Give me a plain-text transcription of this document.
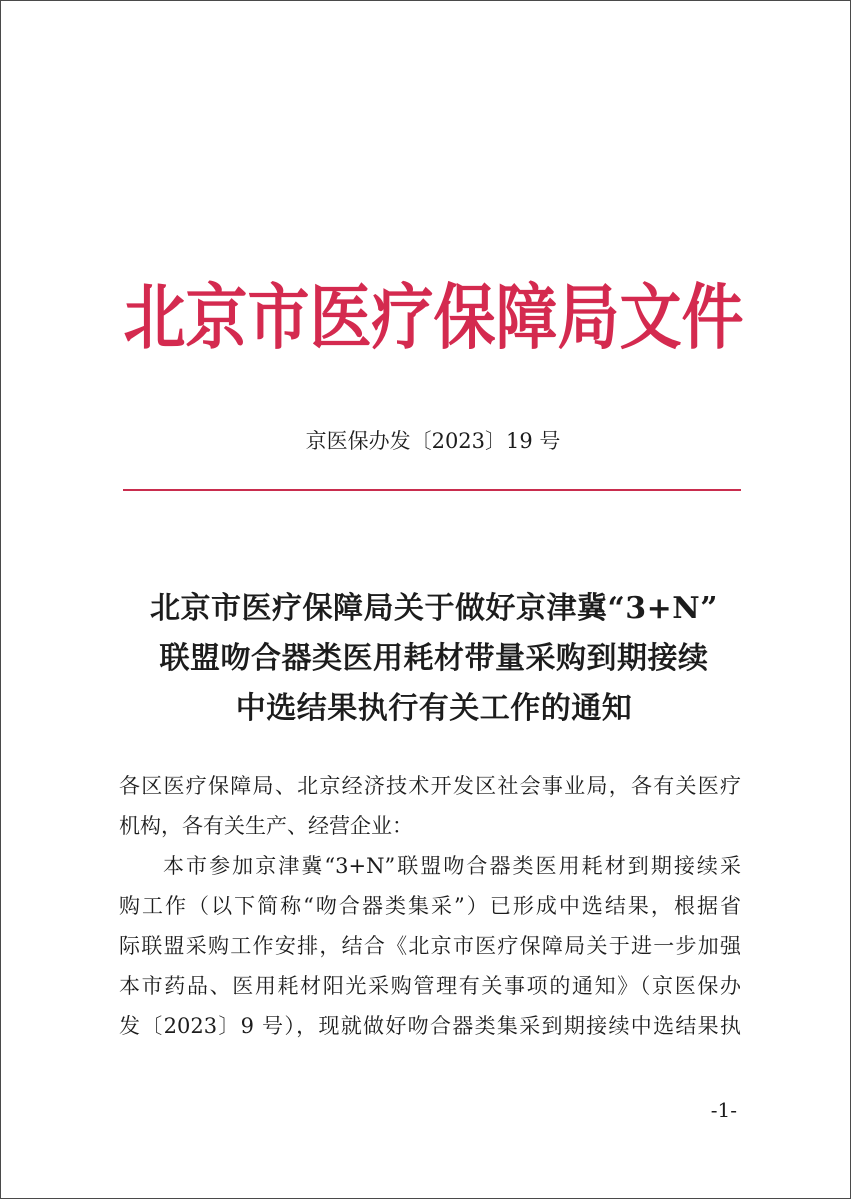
北京市医疗保障局文件
京医保办发〔2023〕19 号
北京市医疗保障局关于做好京津冀“3+N”
联盟吻合器类医用耗材带量采购到期接续
中选结果执行有关工作的通知
各区医疗保障局、北京经济技术开发区社会事业局，各有关医疗
机构，各有关生产、经营企业：
本市参加京津冀“3+N”联盟吻合器类医用耗材到期接续采
购工作（以下简称“吻合器类集采”）已形成中选结果，根据省
际联盟采购工作安排，结合《北京市医疗保障局关于进一步加强
本市药品、医用耗材阳光采购管理有关事项的通知》（京医保办
发〔2023〕9 号），现就做好吻合器类集采到期接续中选结果执
-1-
